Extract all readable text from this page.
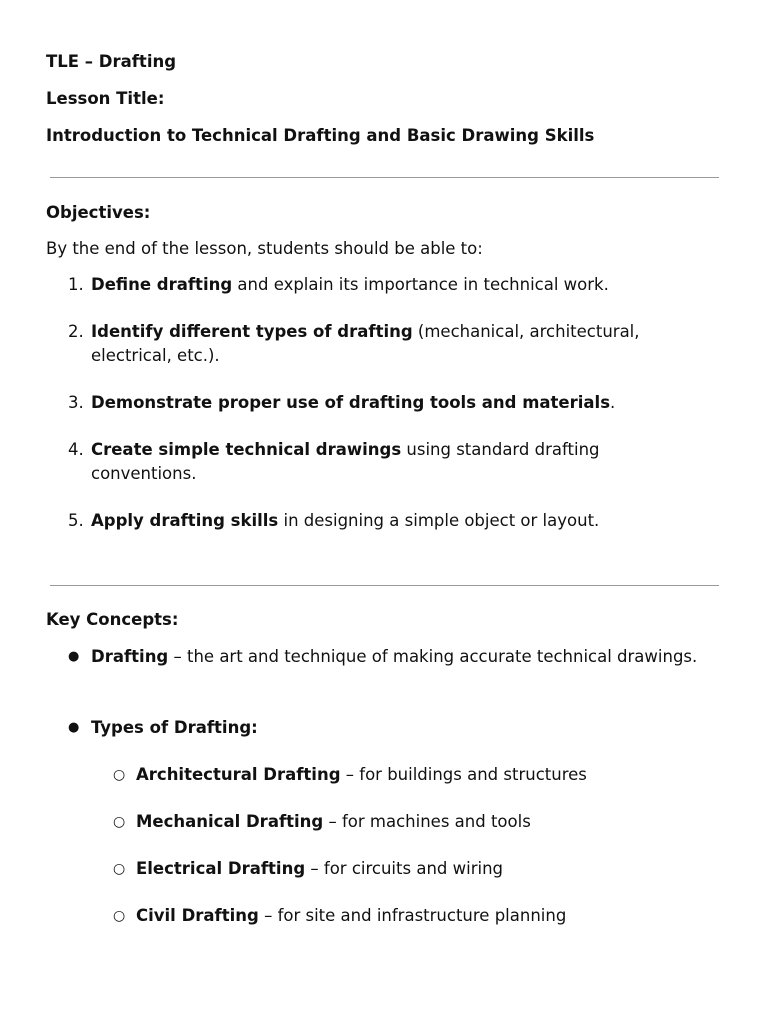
TLE – Drafting
Lesson Title:
Introduction to Technical Drafting and Basic Drawing Skills
Objectives:
By the end of the lesson, students should be able to:
1. Define drafting and explain its importance in technical work.
2. Identify different types of drafting (mechanical, architectural, electrical, etc.).
3. Demonstrate proper use of drafting tools and materials.
4. Create simple technical drawings using standard drafting conventions.
5. Apply drafting skills in designing a simple object or layout.
Key Concepts:
● Drafting – the art and technique of making accurate technical drawings.
● Types of Drafting:
○ Architectural Drafting – for buildings and structures
○ Mechanical Drafting – for machines and tools
○ Electrical Drafting – for circuits and wiring
○ Civil Drafting – for site and infrastructure planning
